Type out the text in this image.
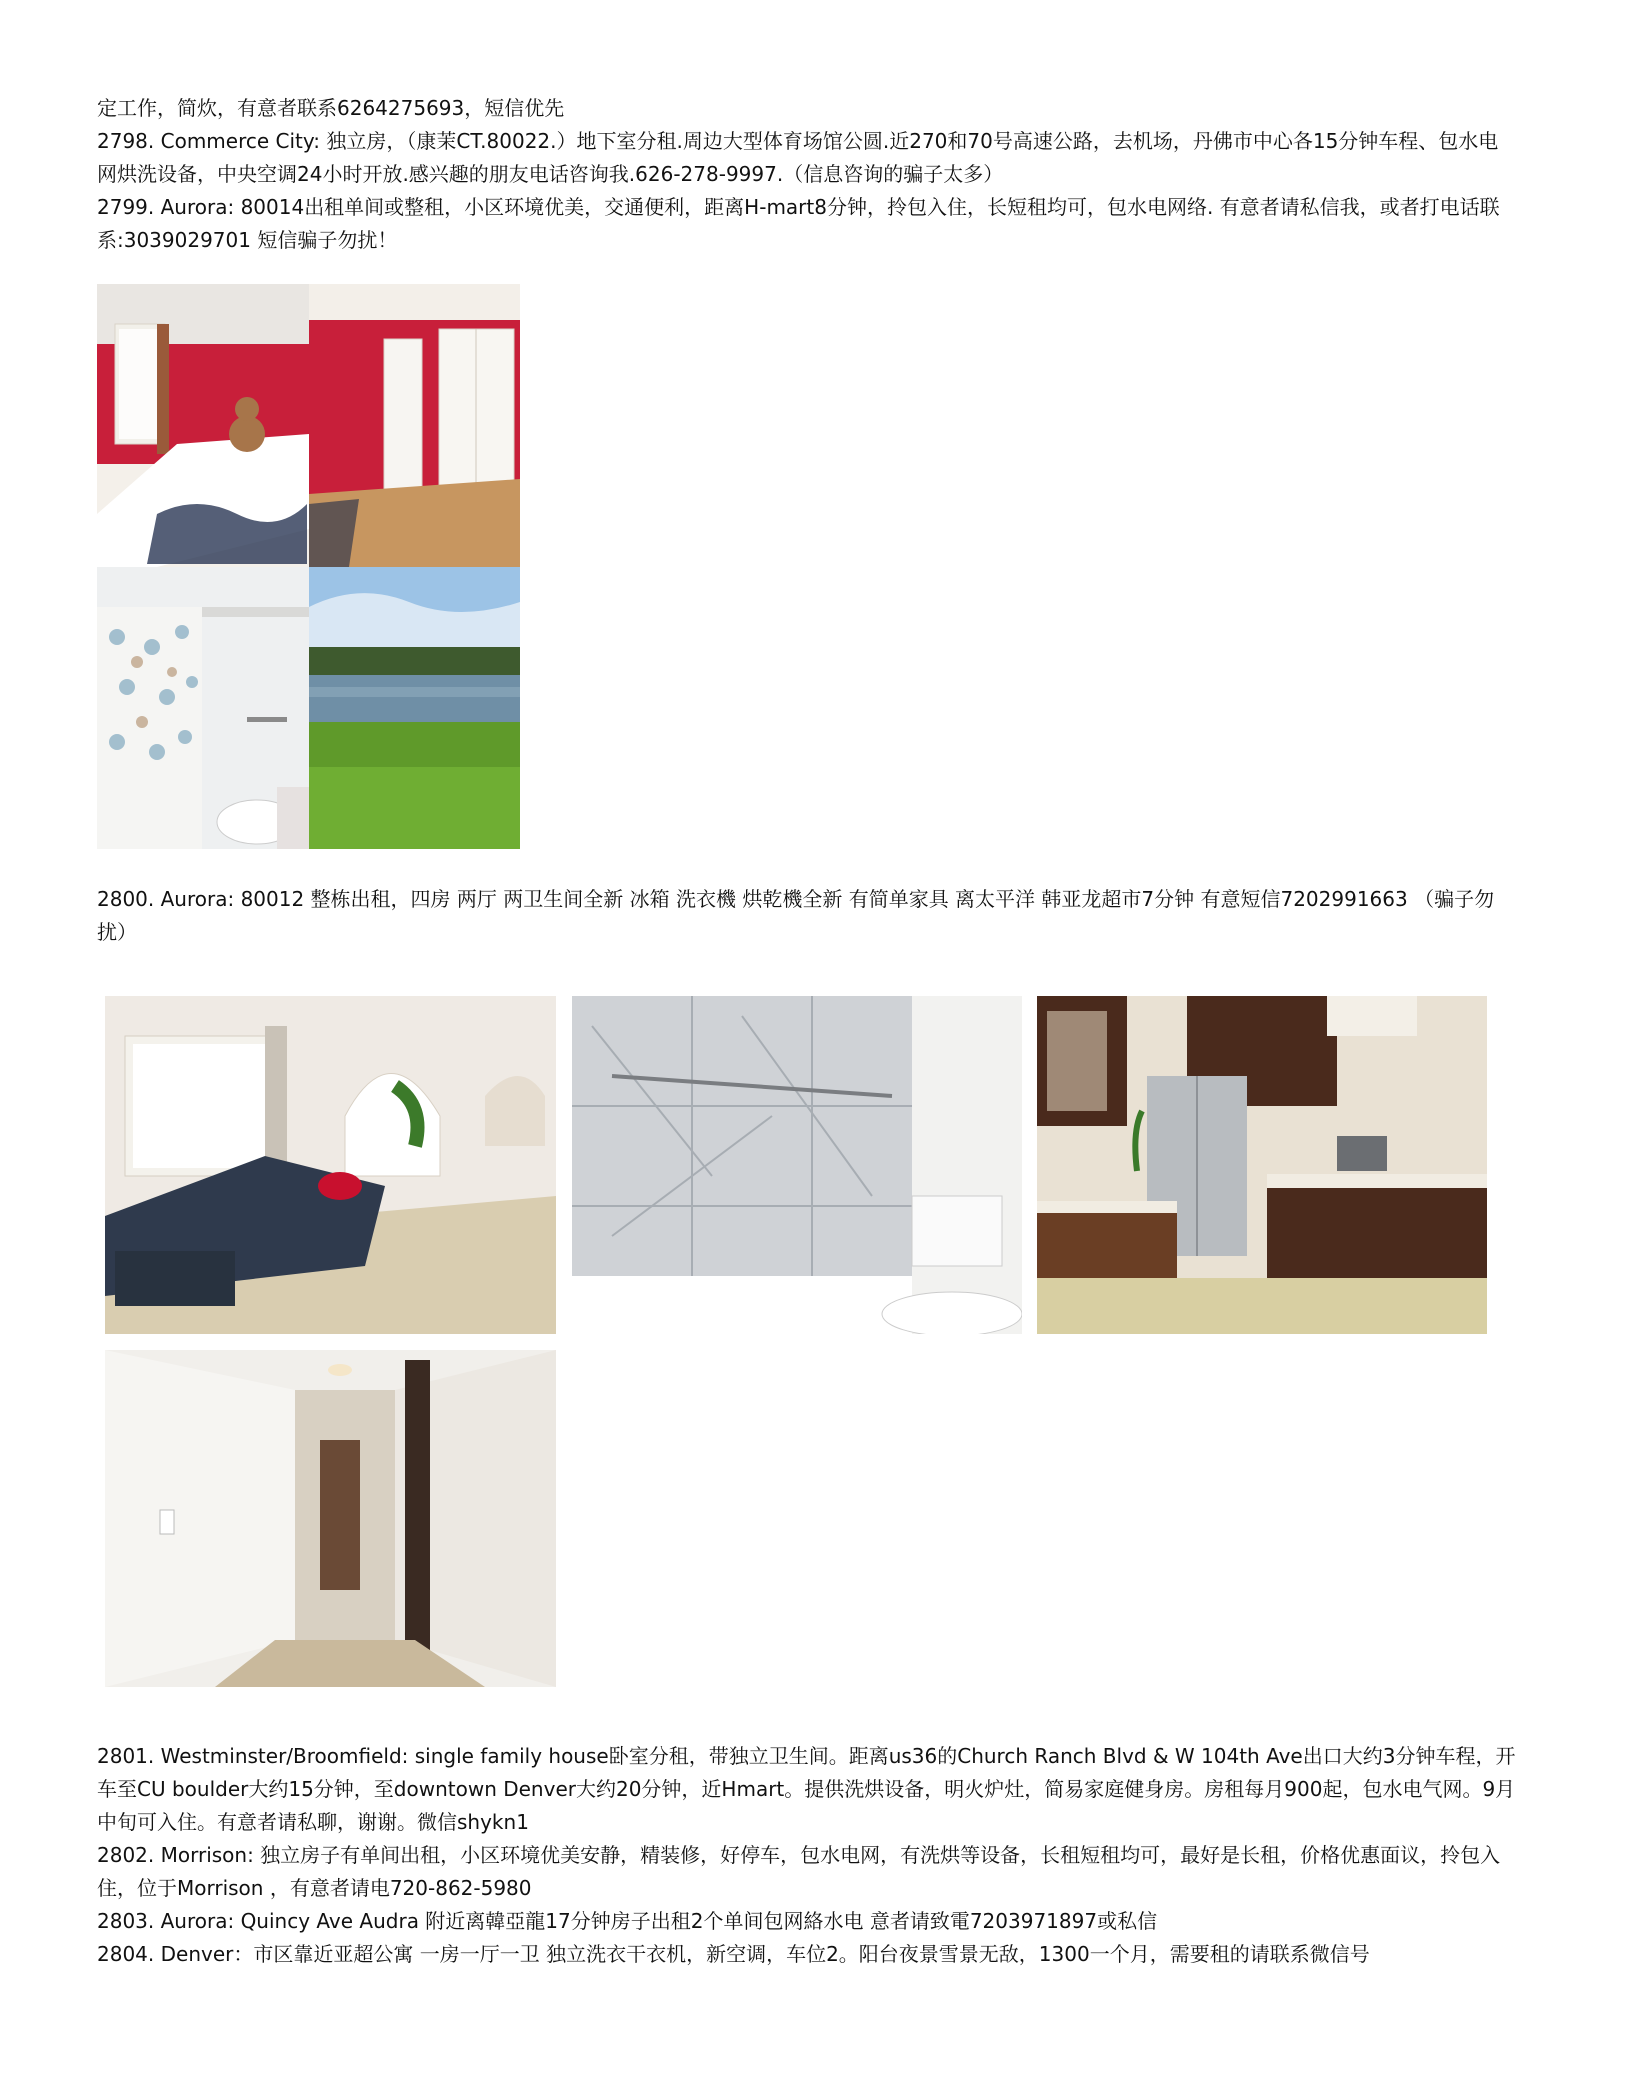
定工作，简炊，有意者联系6264275693，短信优先

2798. Commerce City: 独立房，（康茉CT.80022.）地下室分租.周边大型体育场馆公圆.近270和70号高速公路，去机场，丹佛市中心各15分钟车程、包水电网烘洗设备，中央空调24小时开放.感兴趣的朋友电话咨询我.626-278-9997.（信息咨询的骗子太多）

2799. Aurora: 80014出租单间或整租，小区环境优美，交通便利，距离H-mart8分钟，拎包入住，长短租均可，包水电网络. 有意者请私信我，或者打电话联系:3039029701 短信骗子勿扰！

2800. Aurora: 80012 整栋出租，四房 两厅 两卫生间全新 冰箱 洗衣機 烘乾機全新 有简单家具 离太平洋 韩亚龙超市7分钟 有意短信7202991663 （骗子勿扰）

2801. Westminster/Broomfield: single family house卧室分租，带独立卫生间。距离us36的Church Ranch Blvd & W 104th Ave出口大约3分钟车程，开车至CU boulder大约15分钟，至downtown Denver大约20分钟，近Hmart。提供洗烘设备，明火炉灶，简易家庭健身房。房租每月900起，包水电气网。9月中旬可入住。有意者请私聊，谢谢。微信shykn1

2802. Morrison: 独立房子有单间出租，小区环境优美安静，精装修，好停车，包水电网，有洗烘等设备，长租短租均可，最好是长租，价格优惠面议，拎包入住，位于Morrison ，有意者请电720-862-5980

2803. Aurora: Quincy Ave Audra 附近离韓亞龍17分钟房子出租2个单间包网絡水电 意者请致電7203971897或私信

2804. Denver：市区靠近亚超公寓 一房一厅一卫 独立洗衣干衣机，新空调，车位2。阳台夜景雪景无敌，1300一个月，需要租的请联系微信号
